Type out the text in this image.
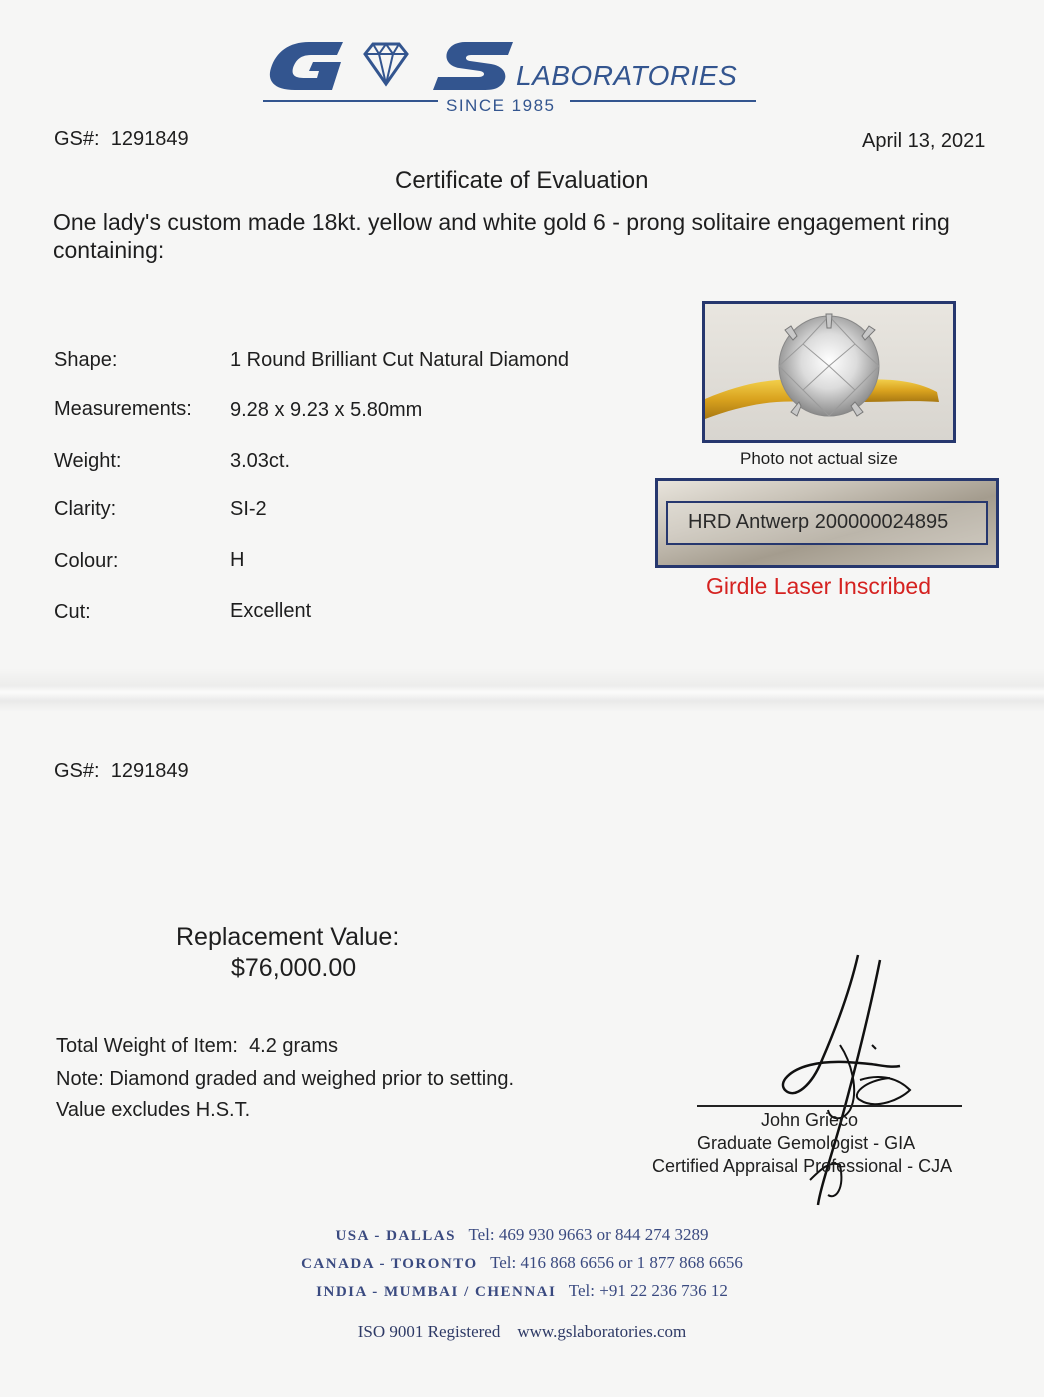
LABORATORIES
SINCE 1985
GS#: 1291849	April 13, 2021
Certificate of Evaluation
One lady's custom made 18kt. yellow and white gold 6 - prong solitaire engagement ring containing:
Shape:	1 Round Brilliant Cut Natural Diamond
Measurements: 9.28 x 9.23 x 5.80mm
Weight:	3.03ct.
Clarity:	SI-2
Colour:	H
Cut:	Excellent
Photo not actual size
HRD Antwerp 200000024895
Girdle Laser Inscribed
GS#: 1291849
Replacement Value:
$76,000.00
Total Weight of Item: 4.2 grams
Note: Diamond graded and weighed prior to setting.
Value excludes H.S.T.	John Grieco
Graduate Gemologist - GIA
Certified Appraisal Professional - CJA
USA - DALLAS Tel: 469 930 9663 or 844 274 3289
CANADA - TORONTO Tel: 416 868 6656 or 1 877 868 6656
INDIA - MUMBAI / CHENNAI Tel: +91 22 236 736 12
ISO 9001 Registered www.gslaboratories.com
